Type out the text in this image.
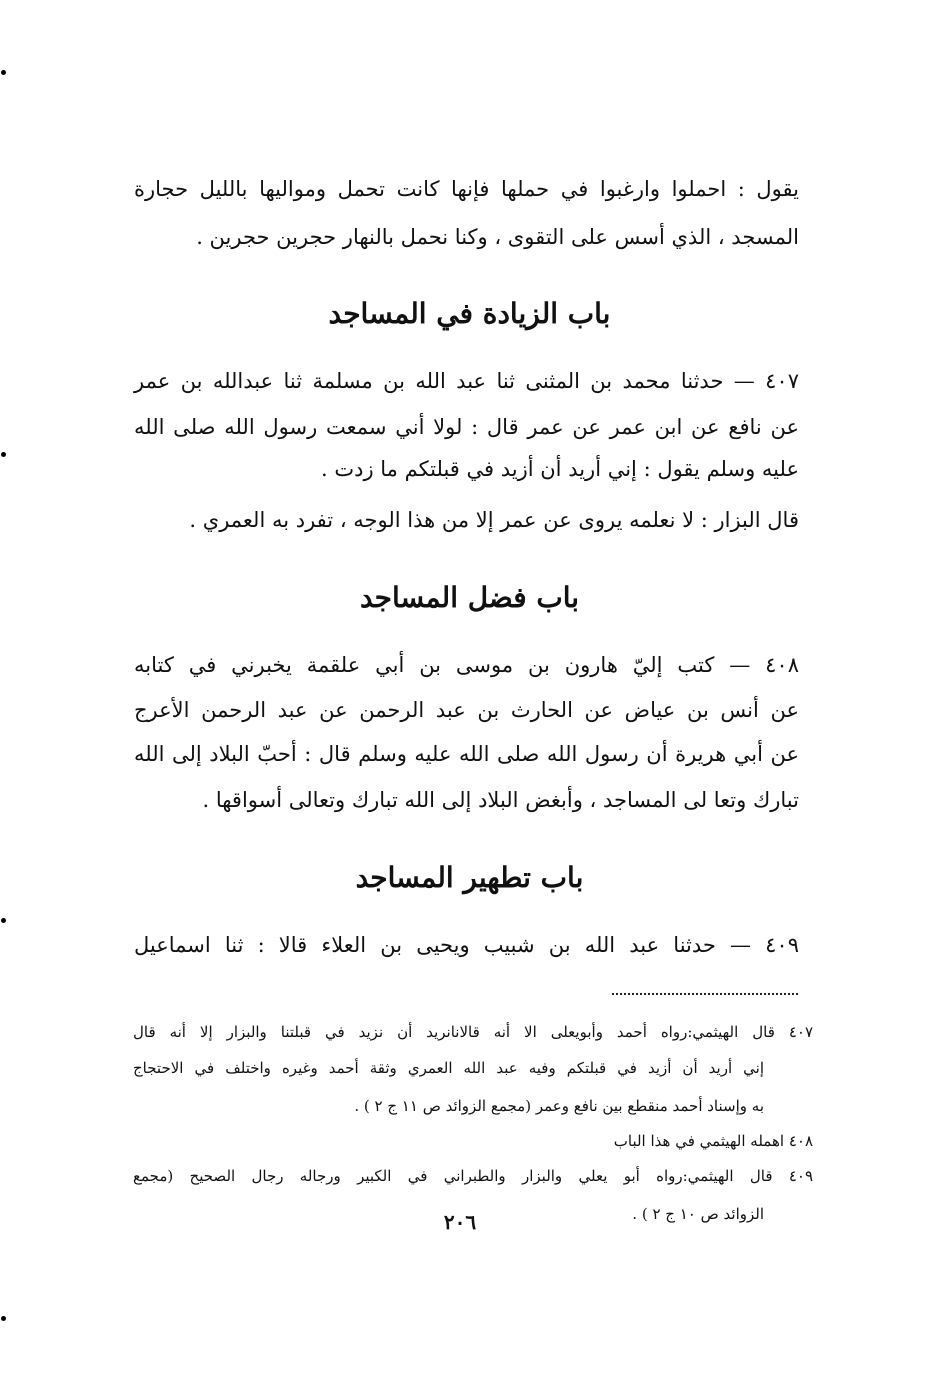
يقول : احملوا وارغبوا في حملها فإنها كانت تحمل ومواليها بالليل حجارة
المسجد ، الذي أسس على التقوى ، وكنا نحمل بالنهار حجرين حجرين .
باب الزيادة في المساجد
٤٠٧ — حدثنا محمد بن المثنى ثنا عبد الله بن مسلمة ثنا عبدالله بن عمر
عن نافع عن ابن عمر عن عمر قال : لولا أني سمعت رسول الله صلى الله
عليه وسلم يقول : إني أريد أن أزيد في قبلتكم ما زدت .
قال البزار : لا نعلمه يروى عن عمر إلا من هذا الوجه ، تفرد به العمري .
باب فضل المساجد
٤٠٨ — كتب إليّ هارون بن موسى بن أبي علقمة يخبرني في كتابه
عن أنس بن عياض عن الحارث بن عبد الرحمن عن عبد الرحمن الأعرج
عن أبي هريرة أن رسول الله صلى الله عليه وسلم قال : أحبّ البلاد إلى الله
تبارك وتعا لى المساجد ، وأبغض البلاد إلى الله تبارك وتعالى أسواقها .
باب تطهير المساجد
٤٠٩ — حدثنا عبد الله بن شبيب ويحيى بن العلاء قالا : ثنا اسماعيل
٤٠٧ قال الهيثمي:رواه أحمد وأبويعلى الا أنه قالانانريد أن نزيد في قبلتنا والبزار إلا أنه قال
إني أريد أن أزيد في قبلتكم وفيه عبد الله العمري وثقة أحمد وغيره واختلف في الاحتجاج
به وإسناد أحمد منقطع بين نافع وعمر (مجمع الزوائد ص ١١ ج ٢ ) .
٤٠٨ اهمله الهيثمي في هذا الباب
٤٠٩ قال الهيثمي:رواه أبو يعلي والبزار والطبراني في الكبير ورجاله رجال الصحيح (مجمع
الزوائد ص ١٠ ج ٢ ) .
٢٠٦
